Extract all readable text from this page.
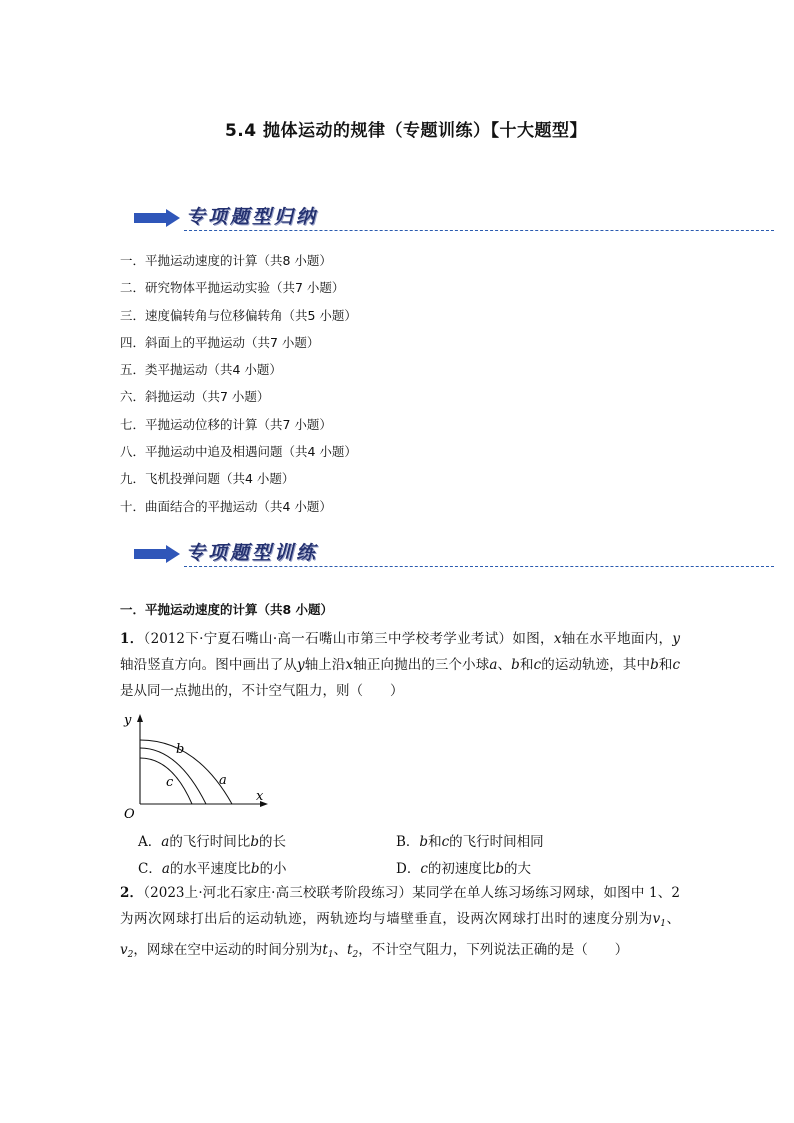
5.4 抛体运动的规律（专题训练）【十大题型】
专项题型归纳
一．平抛运动速度的计算（共8 小题）
二．研究物体平抛运动实验（共7 小题）
三．速度偏转角与位移偏转角（共5 小题）
四．斜面上的平抛运动（共7 小题）
五．类平抛运动（共4 小题）
六．斜抛运动（共7 小题）
七．平抛运动位移的计算（共7 小题）
八．平抛运动中追及相遇问题（共4 小题）
九．飞机投弹问题（共4 小题）
十．曲面结合的平抛运动（共4 小题）
专项题型训练
一．平抛运动速度的计算（共8 小题）
1．（2012下·宁夏石嘴山·高一石嘴山市第三中学校考学业考试）如图，x轴在水平地面内，y轴沿竖直方向。图中画出了从y轴上沿x轴正向抛出的三个小球a、b和c的运动轨迹，其中b和c是从同一点抛出的，不计空气阻力，则（　　）
y
x
O
a
b
c
A．a的飞行时间比b的长	B．b和c的飞行时间相同
C．a的水平速度比b的小	D．c的初速度比b的大
2．（2023上·河北石家庄·高三校联考阶段练习）某同学在单人练习场练习网球，如图中 1、2 为两次网球打出后的运动轨迹，两轨迹均与墙壁垂直，设两次网球打出时的速度分别为$v_1$、$v_2$，网球在空中运动的时间分别为$t_1$、$t_2$，不计空气阻力，下列说法正确的是（　　）
